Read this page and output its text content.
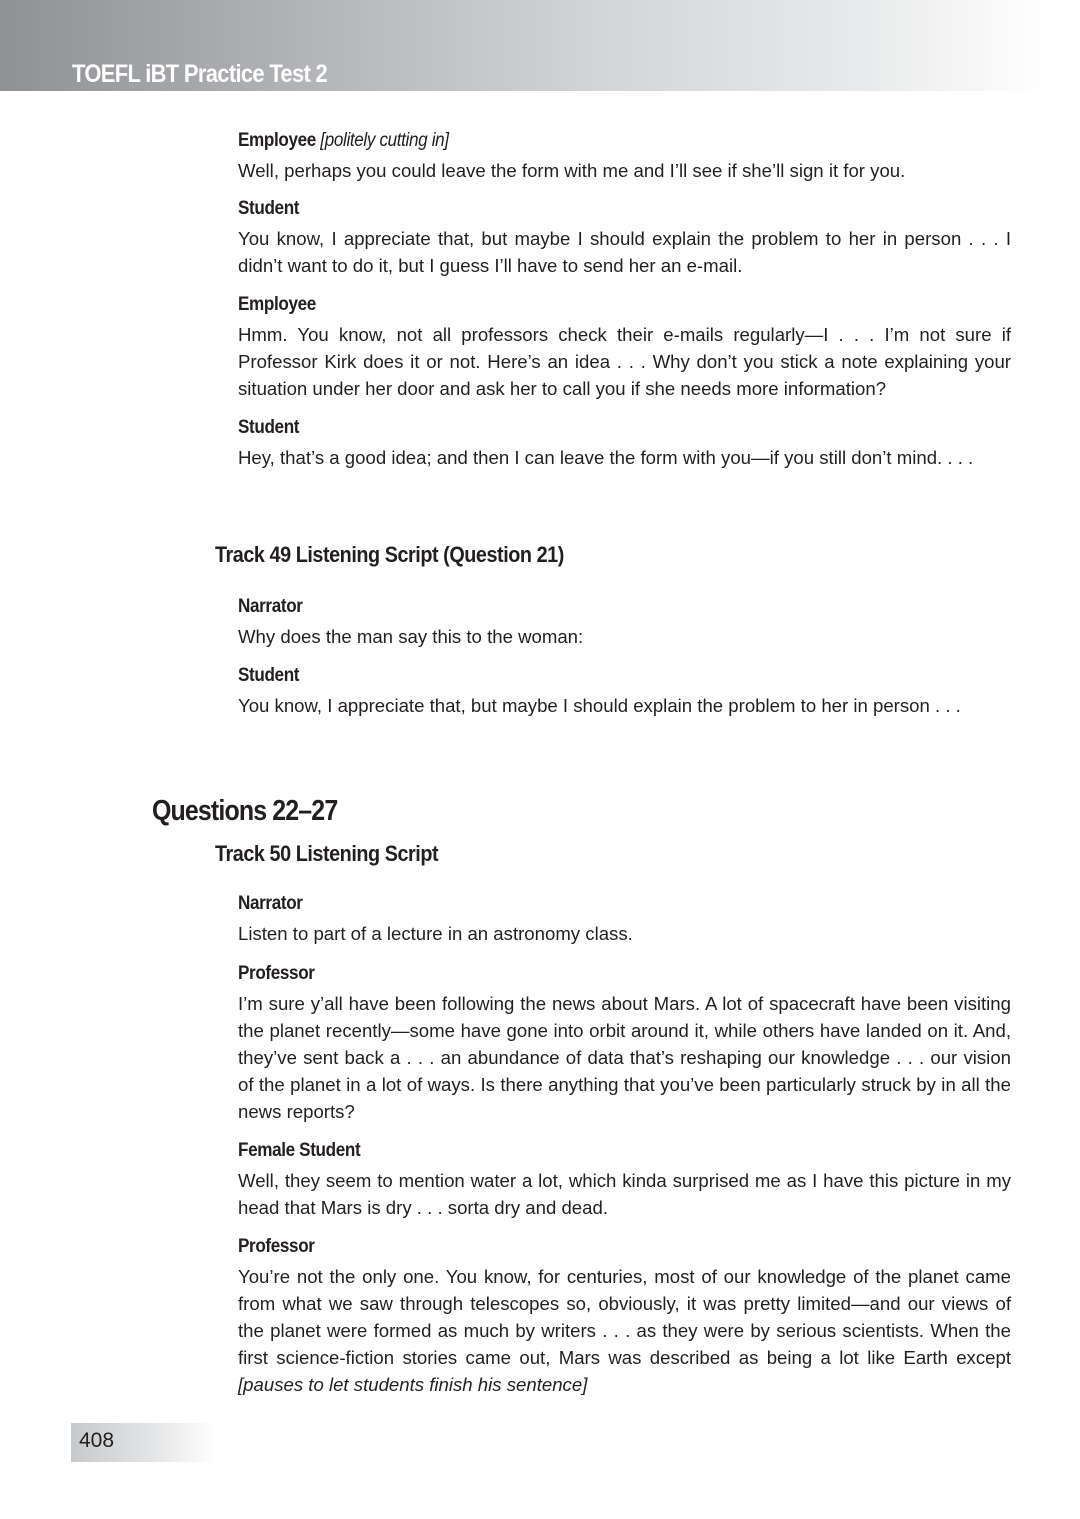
TOEFL iBT Practice Test 2
Employee [politely cutting in]
Well, perhaps you could leave the form with me and I’ll see if she’ll sign it for you.
Student
You know, I appreciate that, but maybe I should explain the problem to her in person . . . I didn’t want to do it, but I guess I’ll have to send her an e-mail.
Employee
Hmm. You know, not all professors check their e-mails regularly—I . . . I’m not sure if Professor Kirk does it or not. Here’s an idea . . . Why don’t you stick a note explaining your situation under her door and ask her to call you if she needs more information?
Student
Hey, that’s a good idea; and then I can leave the form with you—if you still don’t mind. . . .
Track 49 Listening Script (Question 21)
Narrator
Why does the man say this to the woman:
Student
You know, I appreciate that, but maybe I should explain the problem to her in person . . .
Questions 22–27
Track 50 Listening Script
Narrator
Listen to part of a lecture in an astronomy class.
Professor
I’m sure y’all have been following the news about Mars. A lot of spacecraft have been visiting the planet recently—some have gone into orbit around it, while others have landed on it. And, they’ve sent back a . . . an abundance of data that’s reshaping our knowledge . . . our vision of the planet in a lot of ways. Is there anything that you’ve been particularly struck by in all the news reports?
Female Student
Well, they seem to mention water a lot, which kinda surprised me as I have this picture in my head that Mars is dry . . . sorta dry and dead.
Professor
You’re not the only one. You know, for centuries, most of our knowledge of the planet came from what we saw through telescopes so, obviously, it was pretty limited—and our views of the planet were formed as much by writers . . . as they were by serious scientists. When the first science-fiction stories came out, Mars was described as being a lot like Earth except [pauses to let students finish his sentence]
408
